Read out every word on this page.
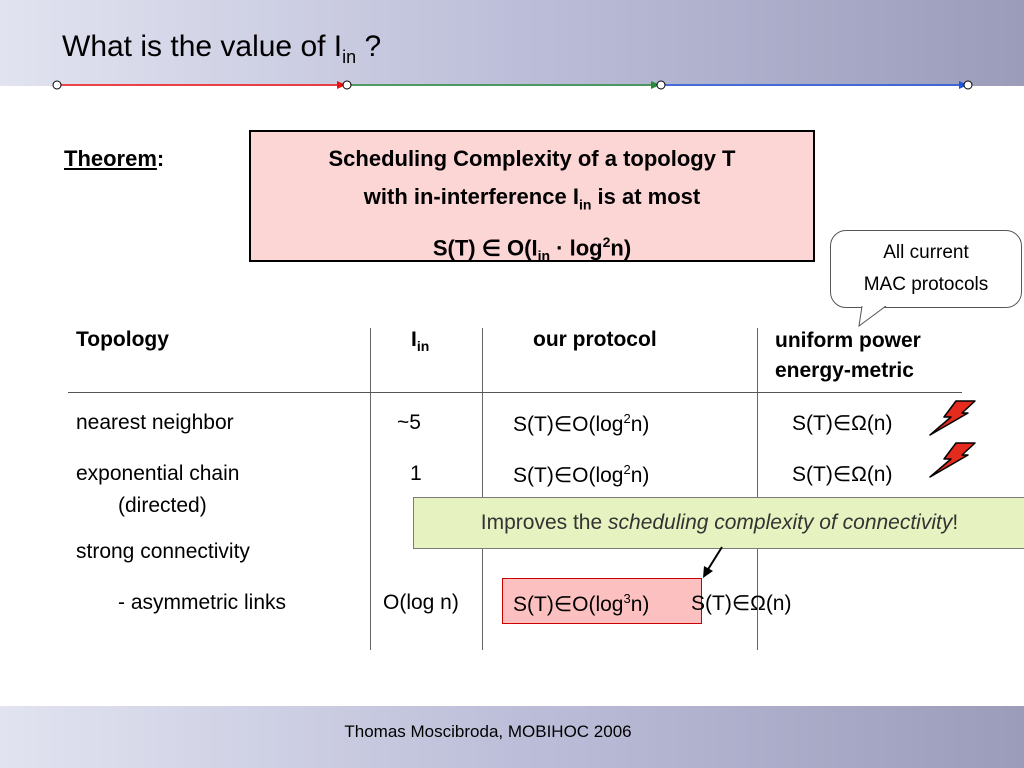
What is the value of $I_{in}$ ?
Theorem:	Scheduling Complexity of a topology T
with in-interference $I_{in}$ is at most
S(T) ∈ $O(I_{in} \cdot \log^2n)$	All current
MAC protocols
Topology	$I_{in}$	our protocol	uniform power
energy-metric
nearest neighbor	~5	$S(T)\in O(\log^2n)$	S(T)∈Ω(n)
exponential chain
(directed)
1	$S(T)\in O(\log^2n)$	S(T)∈Ω(n)
strong connectivity
Improves the scheduling complexity of connectivity!
- asymmetric links	O(log n)	$S(T)\in O(\log^3n)$ S(T)∈Ω(n)
Thomas Moscibroda, MOBIHOC 2006
